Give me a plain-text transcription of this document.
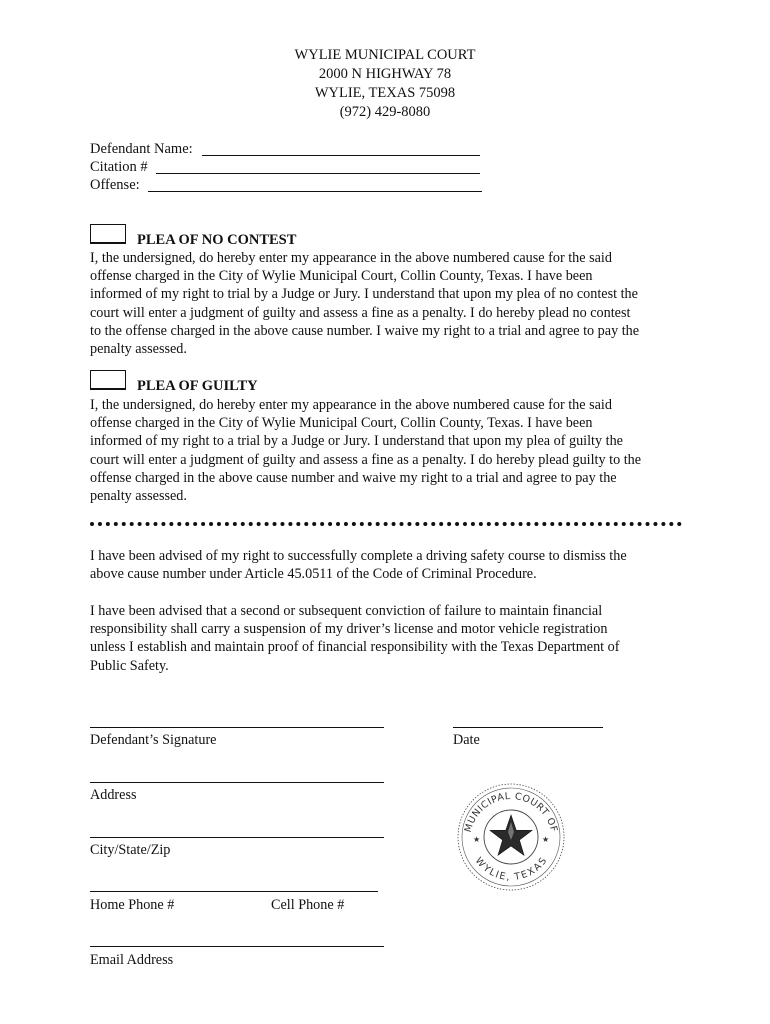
WYLIE MUNICIPAL COURT
2000 N HIGHWAY 78
WYLIE, TEXAS 75098
(972) 429-8080
Defendant Name:
Citation #
Offense:
PLEA OF NO CONTEST
I, the undersigned, do hereby enter my appearance in the above numbered cause for the said
offense charged in the City of Wylie Municipal Court, Collin County, Texas. I have been
informed of my right to trial by a Judge or Jury. I understand that upon my plea of no contest the
court will enter a judgment of guilty and assess a fine as a penalty. I do hereby plead no contest
to the offense charged in the above cause number. I waive my right to a trial and agree to pay the
penalty assessed.
PLEA OF GUILTY
I, the undersigned, do hereby enter my appearance in the above numbered cause for the said
offense charged in the City of Wylie Municipal Court, Collin County, Texas. I have been
informed of my right to a trial by a Judge or Jury. I understand that upon my plea of guilty the
court will enter a judgment of guilty and assess a fine as a penalty. I do hereby plead guilty to the
offense charged in the above cause number and waive my right to a trial and agree to pay the
penalty assessed.
I have been advised of my right to successfully complete a driving safety course to dismiss the
above cause number under Article 45.0511 of the Code of Criminal Procedure.
I have been advised that a second or subsequent conviction of failure to maintain financial
responsibility shall carry a suspension of my driver’s license and motor vehicle registration
unless I establish and maintain proof of financial responsibility with the Texas Department of
Public Safety.
Defendant’s Signature	Date
Address
City/State/Zip
Home Phone #	Cell Phone #
Email Address
MUNICIPAL COURT OF
WYLIE, TEXAS
★	★
